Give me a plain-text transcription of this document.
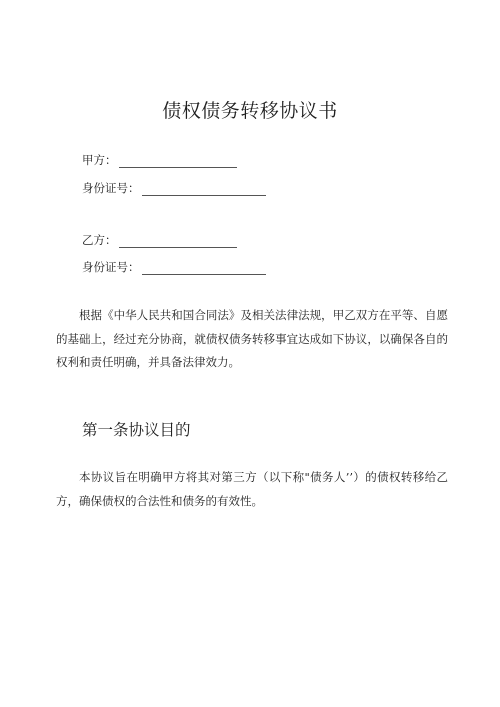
债权债务转移协议书
甲方：
身份证号：
乙方：
身份证号：

根据《中华人民共和国合同法》及相关法律法规，甲乙双方在平等、自愿的基础上，经过充分协商，就债权债务转移事宜达成如下协议，以确保各自的权利和责任明确，并具备法律效力。

第一条协议目的

本协议旨在明确甲方将其对第三方（以下称"债务人’’）的债权转移给乙方，确保债权的合法性和债务的有效性。
